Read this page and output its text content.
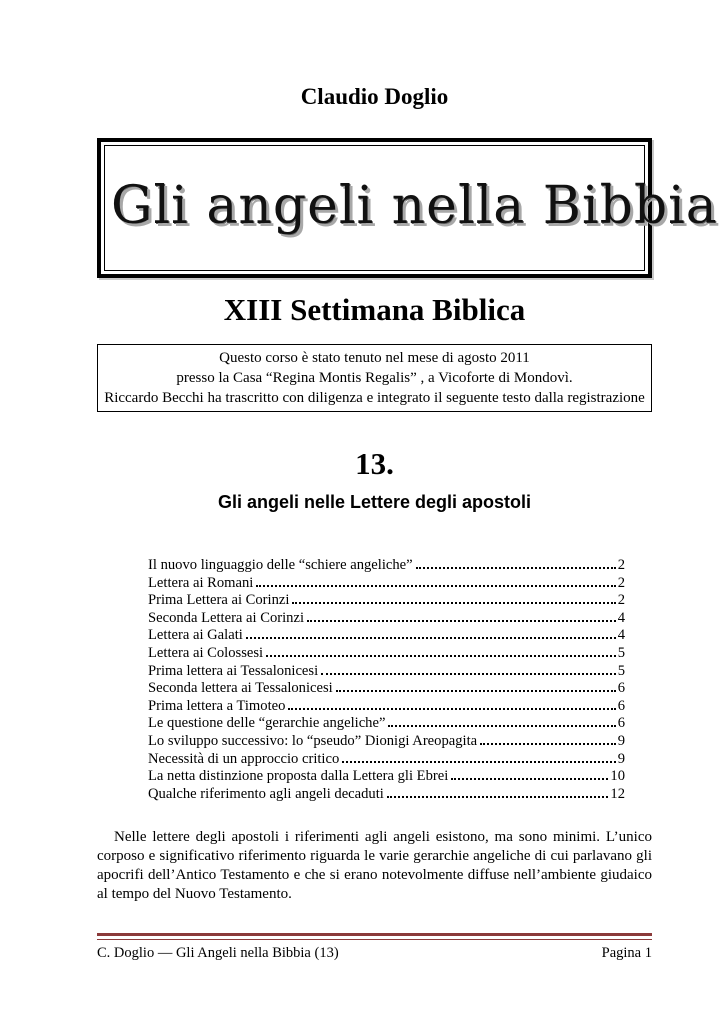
Claudio Doglio
Gli angeli nella Bibbia
XIII Settimana Biblica
Questo corso è stato tenuto nel mese di agosto 2011
presso la Casa “Regina Montis Regalis” , a Vicoforte di Mondovì.
Riccardo Becchi ha trascritto con diligenza e integrato il seguente testo dalla registrazione
13.
Gli angeli nelle Lettere degli apostoli
Il nuovo linguaggio delle “schiere angeliche”	2
Lettera ai Romani	2
Prima Lettera ai Corinzi	2
Seconda Lettera ai Corinzi	4
Lettera ai Galati	4
Lettera ai Colossesi	5
Prima lettera ai Tessalonicesi	5
Seconda lettera ai Tessalonicesi	6
Prima lettera a Timoteo	6
Le questione delle “gerarchie angeliche”	6
Lo sviluppo successivo: lo “pseudo” Dionigi Areopagita	9
Necessità di un approccio critico	9
La netta distinzione proposta dalla Lettera gli Ebrei	10
Qualche riferimento agli angeli decaduti	12
Nelle lettere degli apostoli i riferimenti agli angeli esistono, ma sono minimi. L’unico corposo e significativo riferimento riguarda le varie gerarchie angeliche di cui parlavano gli apocrifi dell’Antico Testamento e che si erano notevolmente diffuse nell’ambiente giudaico al tempo del Nuovo Testamento.
C. Doglio — Gli Angeli nella Bibbia (13)	Pagina 1
